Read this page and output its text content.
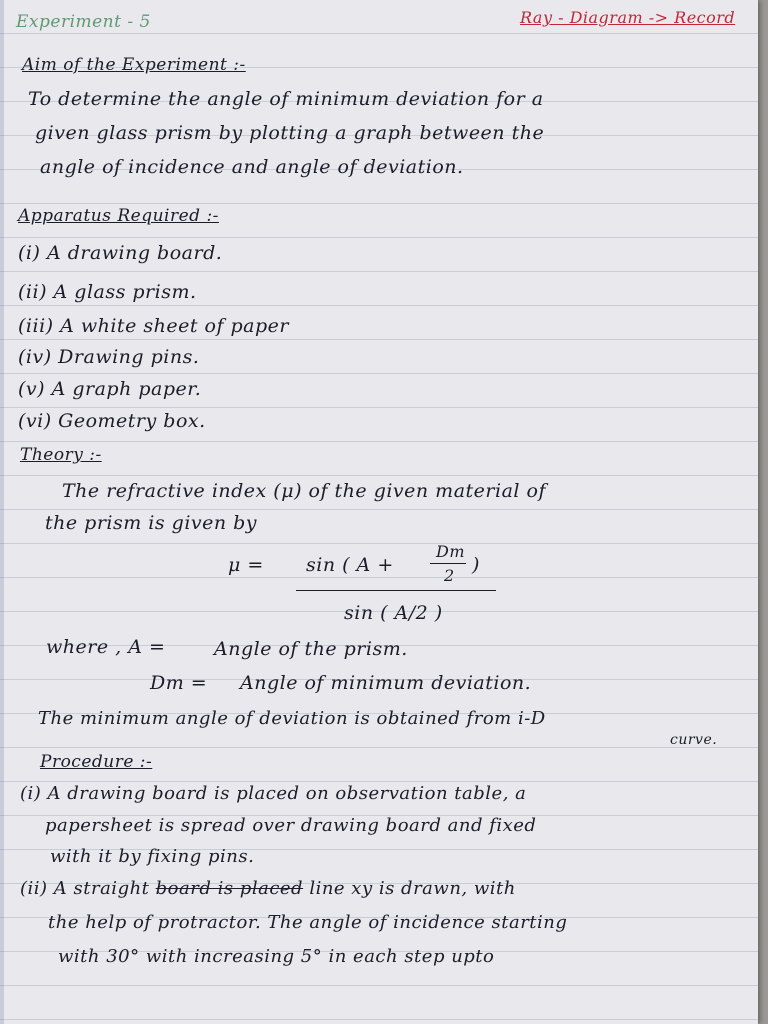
Experiment - 5	Ray - Diagram -> Record
Aim of the Experiment :-
To determine the angle of minimum deviation for a
given glass prism by plotting a graph between the
angle of incidence and angle of deviation.
Apparatus Required :-
(i) A drawing board.
(ii) A glass prism.
(iii) A white sheet of paper
(iv) Drawing pins.
(v) A graph paper.
(vi) Geometry box.
Theory :-
The refractive index (μ) of the given material of
the prism is given by
μ = sin ( A +
Dm
2 )
sin ( A/2 )
where , A =	Angle of the prism.
Dm = Angle of minimum deviation.
The minimum angle of deviation is obtained from i-D
curve.
Procedure :-
(i) A drawing board is placed on observation table, a
papersheet is spread over drawing board and fixed
with it by fixing pins.
(ii) A straight board is placed line xy is drawn, with
the help of protractor. The angle of incidence starting
with 30° with increasing 5° in each step upto
